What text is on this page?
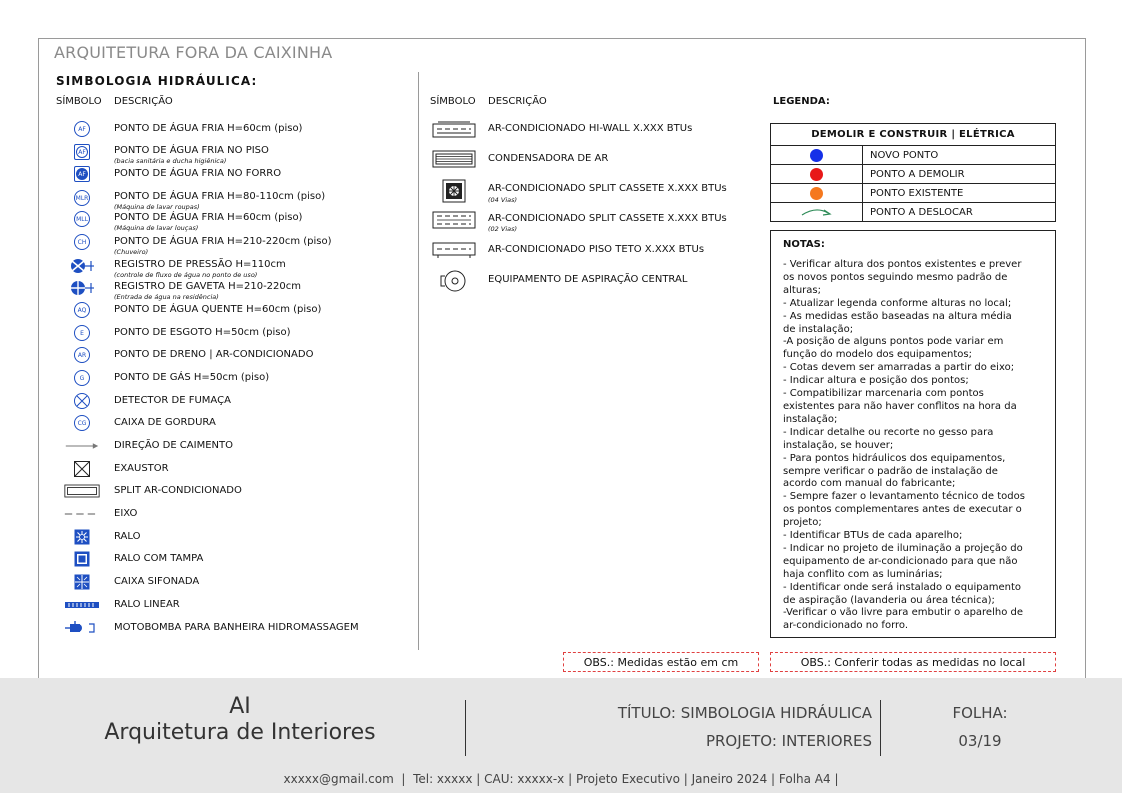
ARQUITETURA FORA DA CAIXINHA
SIMBOLOGIA HIDRÁULICA:
SÍMBOLO DESCRIÇÃO	SÍMBOLO DESCRIÇÃO	LEGENDA:
AF	PONTO DE ÁGUA FRIA H=60cm (piso)
AF	PONTO DE ÁGUA FRIA NO PISO
(bacia sanitária e ducha higiênica)
AF	PONTO DE ÁGUA FRIA NO FORRO
MLR	PONTO DE ÁGUA FRIA H=80-110cm (piso)
(Máquina de lavar roupas)
MLL	PONTO DE ÁGUA FRIA H=60cm (piso)
(Máquina de lavar louças)
CH	PONTO DE ÁGUA FRIA H=210-220cm (piso)
(Chuveiro)
REGISTRO DE PRESSÃO H=110cm
(controle de fluxo de água no ponto de uso)
REGISTRO DE GAVETA H=210-220cm
(Entrada de água na residência)
AQ	PONTO DE ÁGUA QUENTE H=60cm (piso)
E	PONTO DE ESGOTO H=50cm (piso)
AR	PONTO DE DRENO | AR-CONDICIONADO
G	PONTO DE GÁS H=50cm (piso)
DETECTOR DE FUMAÇA
CG	CAIXA DE GORDURA
DIREÇÃO DE CAIMENTO
EXAUSTOR
SPLIT AR-CONDICIONADO
EIXO
RALO
RALO COM TAMPA
CAIXA SIFONADA
RALO LINEAR
MOTOBOMBA PARA BANHEIRA HIDROMASSAGEM
AR-CONDICIONADO HI-WALL X.XXX BTUs
CONDENSADORA DE AR
AR-CONDICIONADO SPLIT CASSETE X.XXX BTUs
(04 Vias)
AR-CONDICIONADO SPLIT CASSETE X.XXX BTUs
(02 Vias)
AR-CONDICIONADO PISO TETO X.XXX BTUs
EQUIPAMENTO DE ASPIRAÇÃO CENTRAL
DEMOLIR E CONSTRUIR | ELÉTRICA	
	NOVO PONTO
	PONTO A DEMOLIR
	PONTO EXISTENTE
	PONTO A DESLOCAR
NOTAS:
- Verificar altura dos pontos existentes e prever
os novos pontos seguindo mesmo padrão de
alturas;
- Atualizar legenda conforme alturas no local;
- As medidas estão baseadas na altura média
de instalação;
-A posição de alguns pontos pode variar em
função do modelo dos equipamentos;
- Cotas devem ser amarradas a partir do eixo;
- Indicar altura e posição dos pontos;
- Compatibilizar marcenaria com pontos
existentes para não haver conflitos na hora da
instalação;
- Indicar detalhe ou recorte no gesso para
instalação, se houver;
- Para pontos hidráulicos dos equipamentos,
sempre verificar o padrão de instalação de
acordo com manual do fabricante;
- Sempre fazer o levantamento técnico de todos
os pontos complementares antes de executar o
projeto;
- Identificar BTUs de cada aparelho;
- Indicar no projeto de iluminação a projeção do
equipamento de ar-condicionado para que não
haja conflito com as luminárias;
- Identificar onde será instalado o equipamento
de aspiração (lavanderia ou área técnica);
-Verificar o vão livre para embutir o aparelho de
ar-condicionado no forro.
OBS.: Medidas estão em cm	OBS.: Conferir todas as medidas no local
AI
Arquitetura de Interiores
TÍTULO: SIMBOLOGIA HIDRÁULICA
PROJETO: INTERIORES
FOLHA:
03/19
xxxxx@gmail.com  |  Tel: xxxxx | CAU: xxxxx-x | Projeto Executivo | Janeiro 2024 | Folha A4 |
